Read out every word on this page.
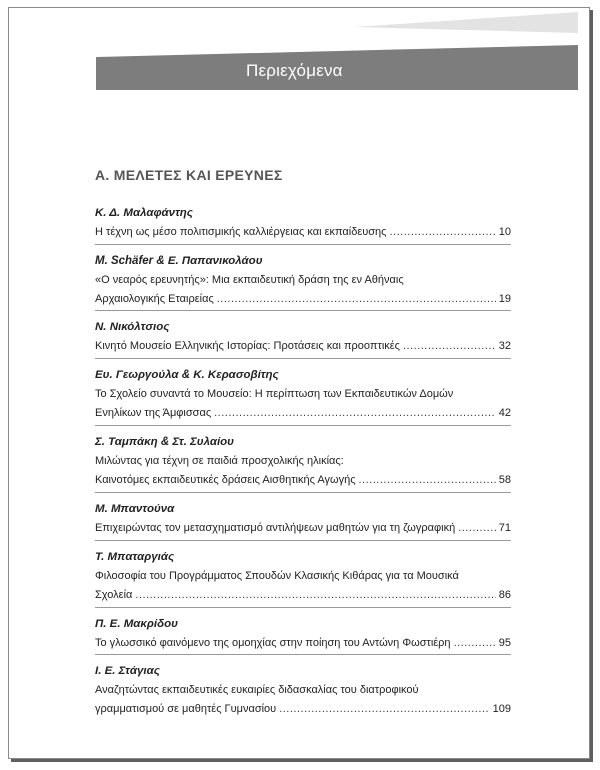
Περιεχόμενα
Α. ΜΕΛΕΤΕΣ ΚΑΙ ΕΡΕΥΝΕΣ
Κ. Δ. Μαλαφάντης
Η τέχνη ως μέσο πολιτισμικής καλλιέργειας και εκπαίδευσης .....	10
M. Schäfer & Ε. Παπανικολάου
«Ο νεαρός ερευνητής»: Μια εκπαιδευτική δράση της εν Αθήναις
Αρχαιολογικής Εταιρείας .....	19
Ν. Νικόλτσιος
Κινητό Μουσείο Ελληνικής Ιστορίας: Προτάσεις και προοπτικές .....	32
Ευ. Γεωργούλα & Κ. Κερασοβίτης
Το Σχολείο συναντά το Μουσείο: Η περίπτωση των Εκπαιδευτικών Δομών
Ενηλίκων της Άμφισσας .....	42
Σ. Ταμπάκη & Στ. Συλαίου
Μιλώντας για τέχνη σε παιδιά προσχολικής ηλικίας:
Καινοτόμες εκπαιδευτικές δράσεις Αισθητικής Αγωγής .....	58
Μ. Μπαντούνα
Επιχειρώντας τον μετασχηματισμό αντιλήψεων μαθητών για τη ζωγραφική .....	71
Τ. Μπαταργιάς
Φιλοσοφία του Προγράμματος Σπουδών Κλασικής Κιθάρας για τα Μουσικά
Σχολεία .....	86
Π. Ε. Μακρίδου
Το γλωσσικό φαινόμενο της ομοηχίας στην ποίηση του Αντώνη Φωστιέρη .....	95
Ι. Ε. Στάγιας
Αναζητώντας εκπαιδευτικές ευκαιρίες διδασκαλίας του διατροφικού
γραμματισμού σε μαθητές Γυμνασίου .....	109
